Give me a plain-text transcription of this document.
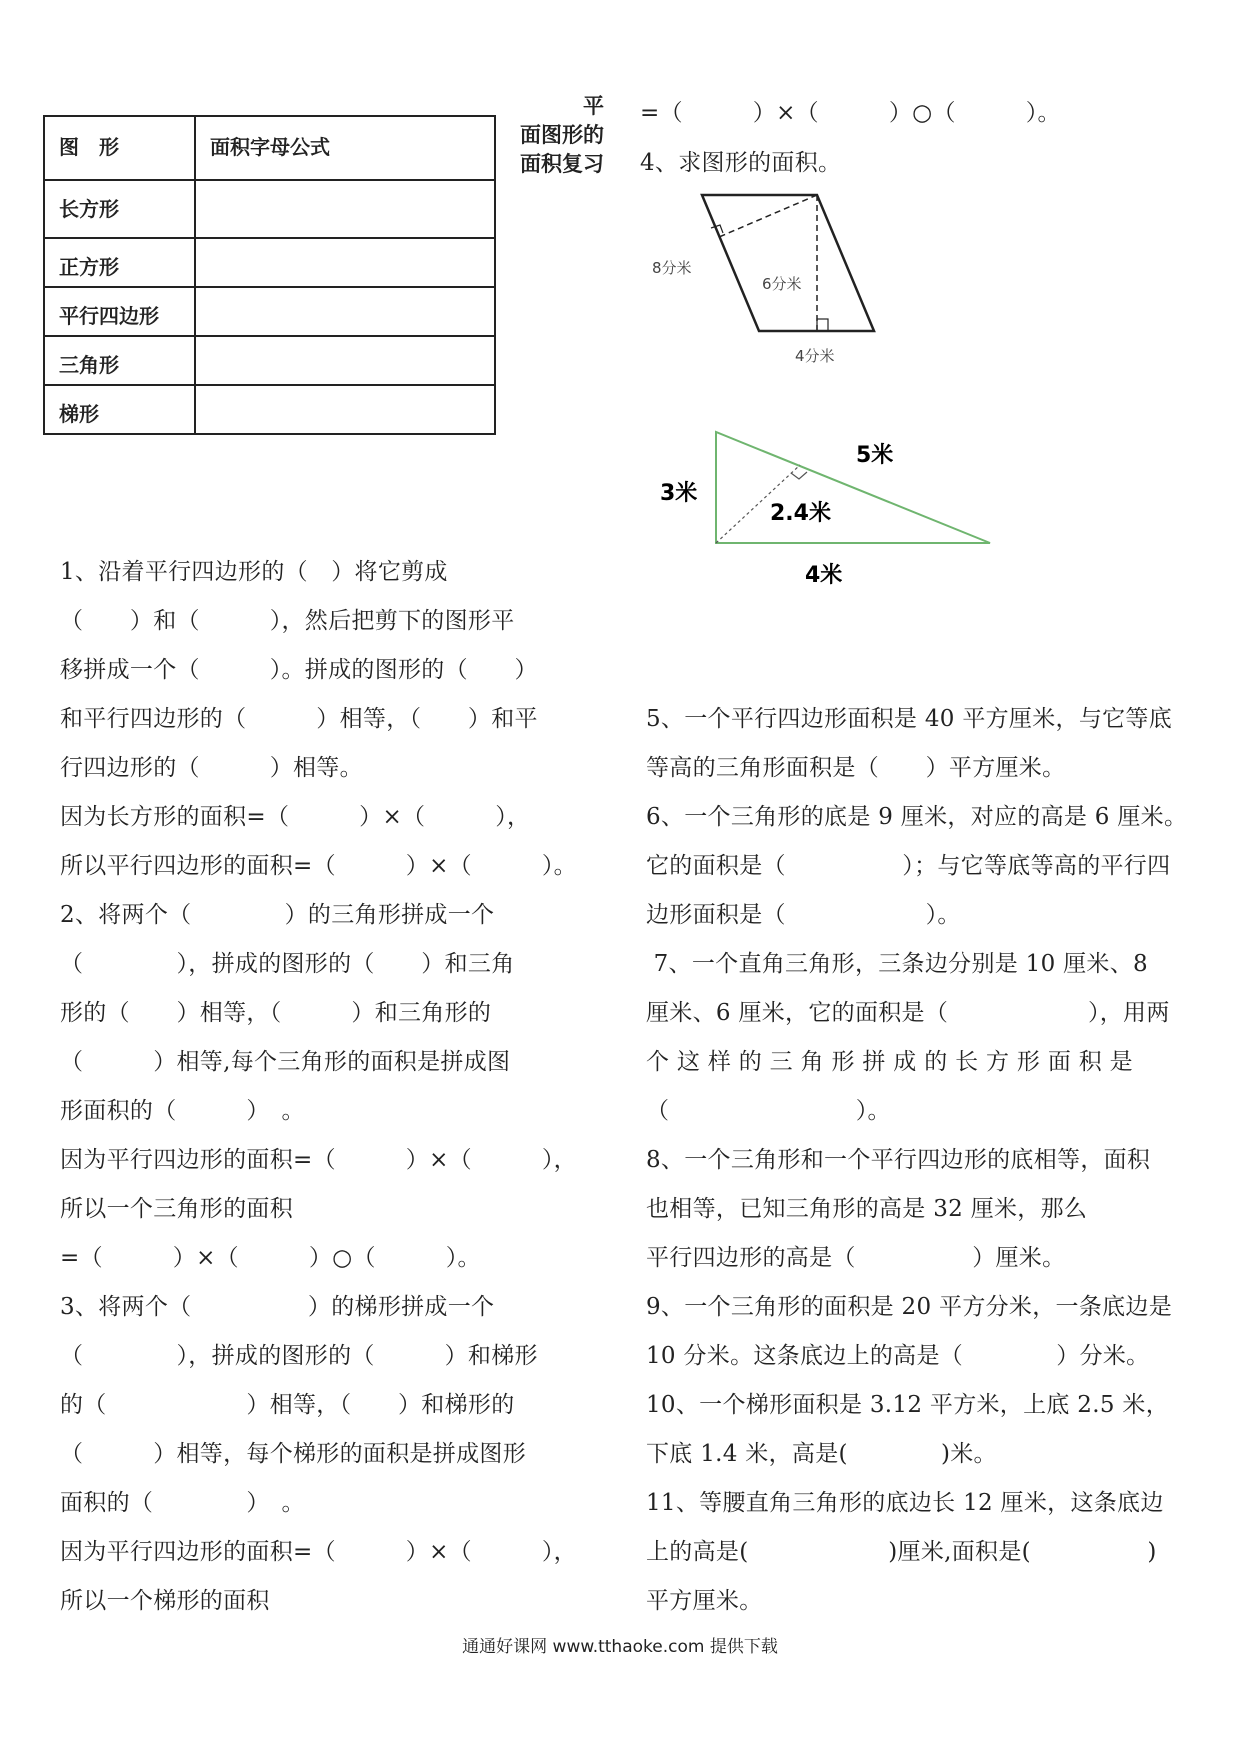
平
面图形的
面积复习
图　形	面积字母公式
长方形	
正方形	
平行四边形	
三角形	
梯形	
=（　　　）×（　　　）○（　　　）。
4、求图形的面积。
8分米
6分米
4分米
5米
3米
2.4米
4米
1、沿着平行四边形的（　）将它剪成
（　　）和（　　　），然后把剪下的图形平
移拼成一个（　　　）。拼成的图形的（　　）
和平行四边形的（　　　）相等，（　　）和平
行四边形的（　　　）相等。
因为长方形的面积=（　　　）×（　　　），
所以平行四边形的面积=（　　　）×（　　　）。
2、将两个（　　　　）的三角形拼成一个
（　　　　），拼成的图形的（　　）和三角
形的（　　）相等，（　　　）和三角形的
（　　　）相等,每个三角形的面积是拼成图
形面积的（　　　）　。
因为平行四边形的面积=（　　　）×（　　　），
所以一个三角形的面积
=（　　　）×（　　　）○（　　　）。
3、将两个（　　　　　）的梯形拼成一个
（　　　　），拼成的图形的（　　　）和梯形
的（　　　　　　）相等，（　　）和梯形的
（　　　）相等，每个梯形的面积是拼成图形
面积的（　　　　）　。
因为平行四边形的面积=（　　　）×（　　　），
所以一个梯形的面积
5、一个平行四边形面积是 40 平方厘米，与它等底
等高的三角形面积是（　　）平方厘米。
6、一个三角形的底是 9 厘米，对应的高是 6 厘米。
它的面积是（　　　　　）；与它等底等高的平行四
边形面积是（　　　　　　）。
7、一个直角三角形，三条边分别是 10 厘米、8
厘米、6 厘米，它的面积是（　　　　　　），用两
个 这 样 的 三 角 形 拼 成 的 长 方 形 面 积 是
（　　　　　　　　）。
8、一个三角形和一个平行四边形的底相等，面积
也相等，已知三角形的高是 32 厘米，那么
平行四边形的高是（　　　　　）厘米。
9、一个三角形的面积是 20 平方分米，一条底边是
10 分米。这条底边上的高是（　　　　）分米。
10、一个梯形面积是 3.12 平方米，上底 2.5 米，
下底 1.4 米，高是(　　　　)米。
11、等腰直角三角形的底边长 12 厘米，这条底边
上的高是(　　　　　　)厘米,面积是(　　　　　)
平方厘米。
通通好课网 www.tthaoke.com 提供下载
